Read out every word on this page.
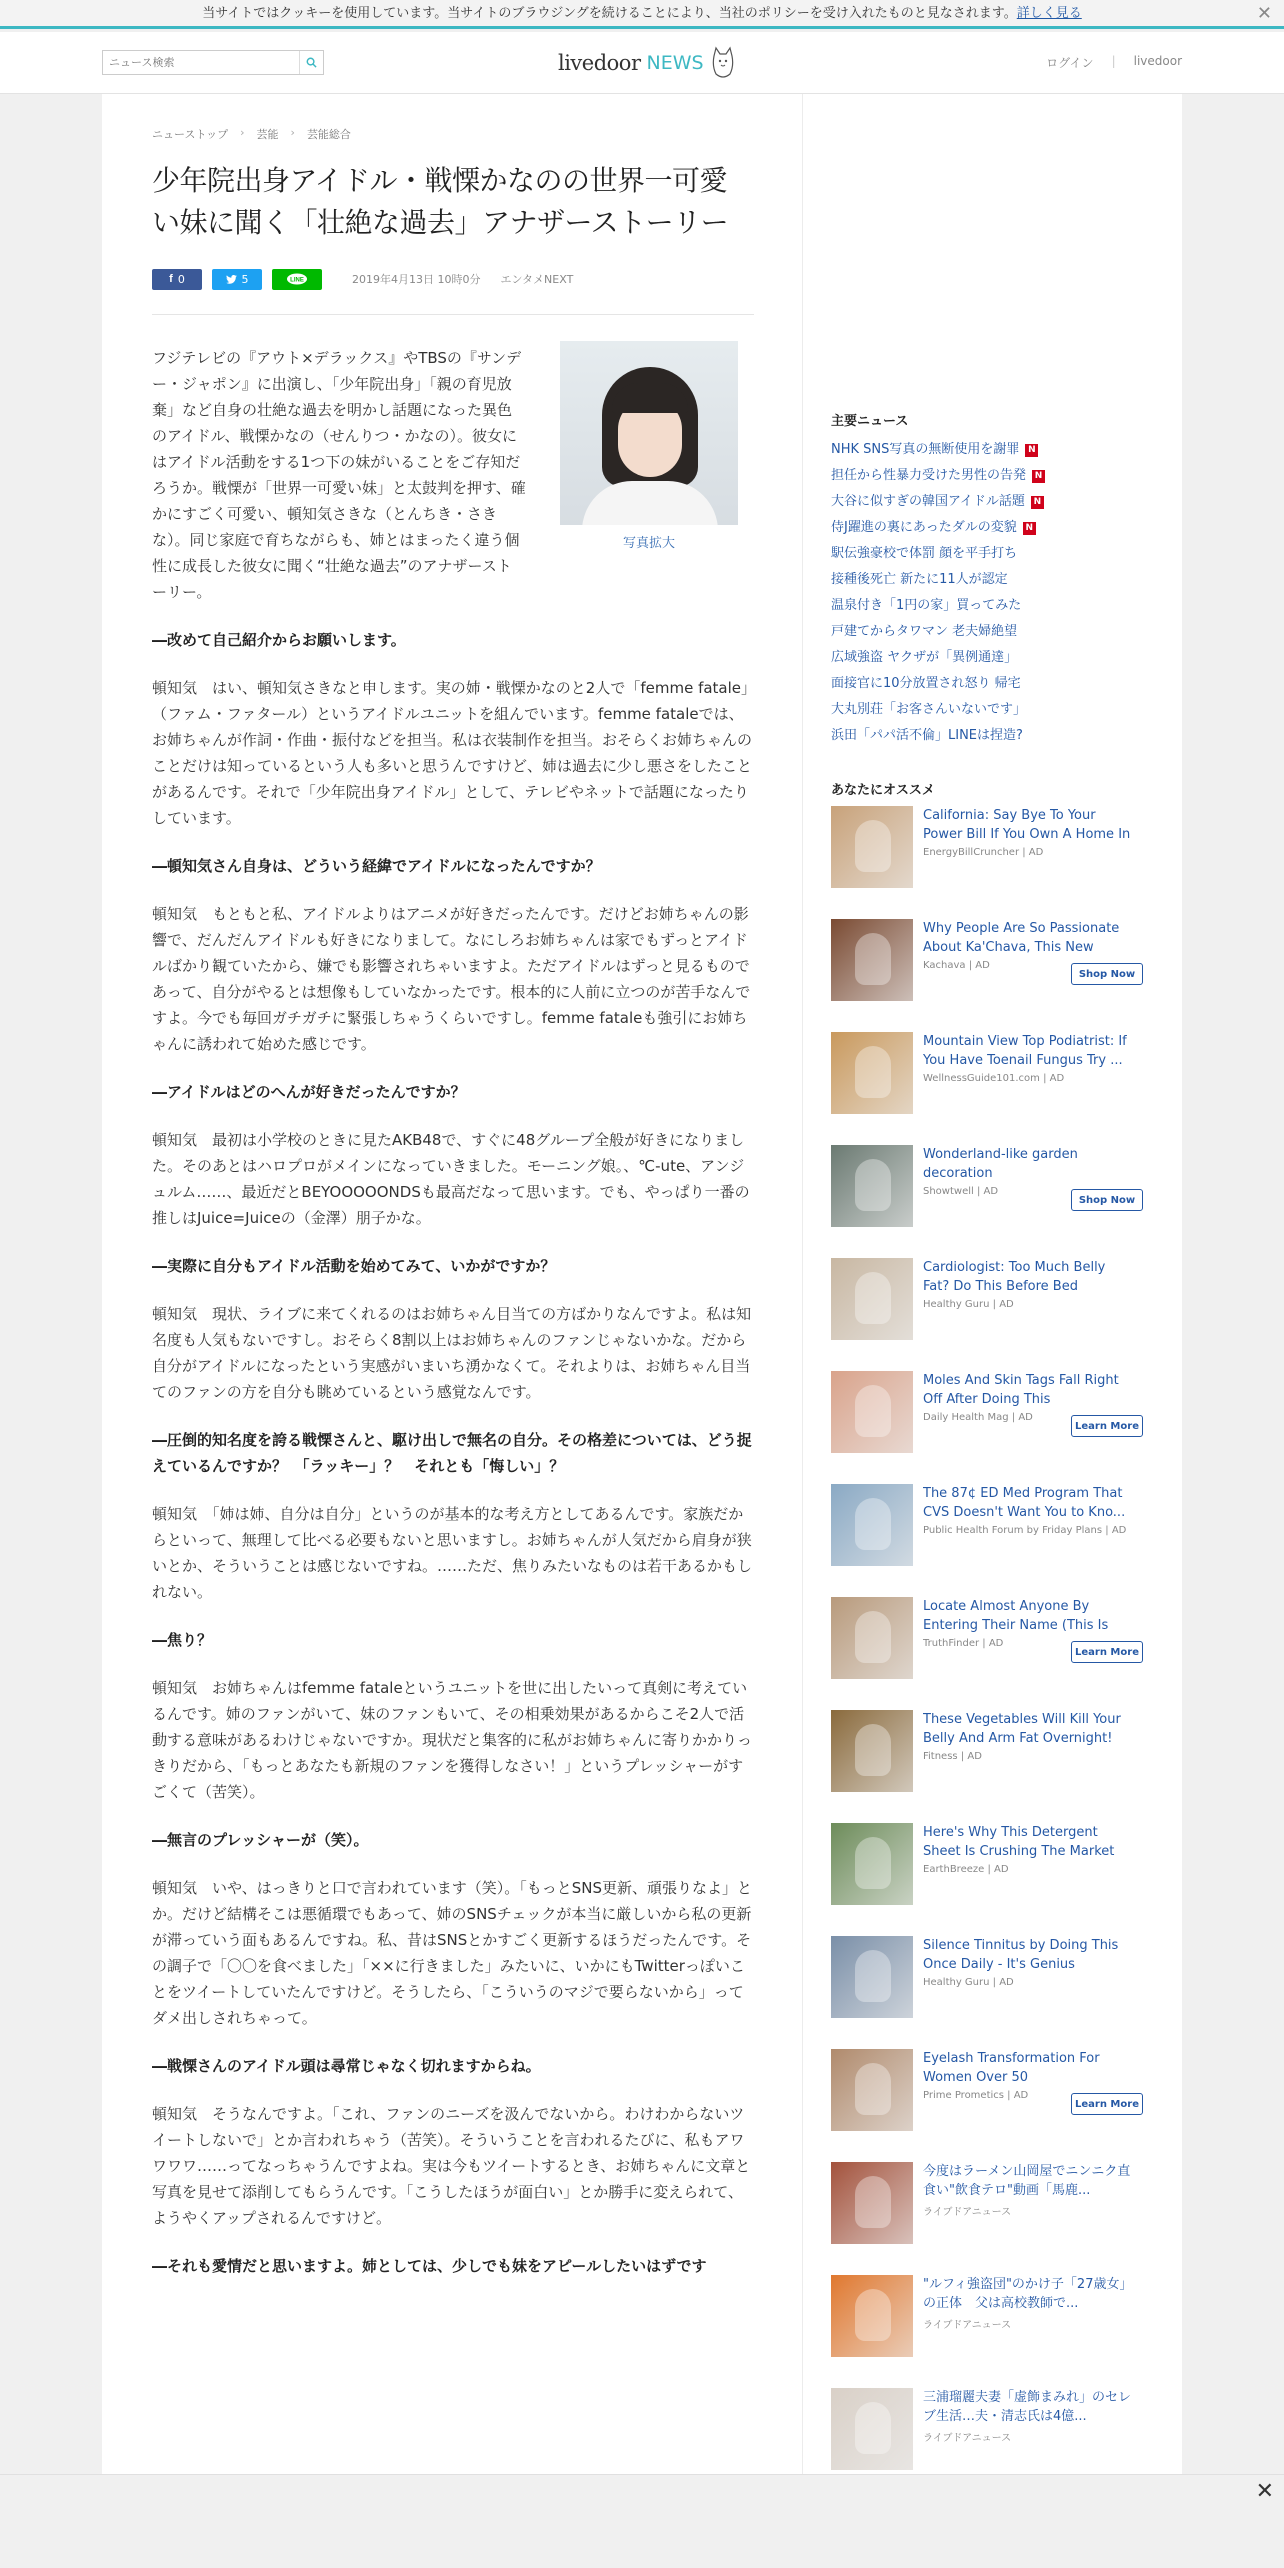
当サイトではクッキーを使用しています。当サイトのブラウジングを続けることにより、当社のポリシーを受け入れたものと見なされます。詳しく見る	✕
ニュース検索
livedoor NEWS	ログイン | livedoor
ニューストップ › 芸能 › 芸能総合
少年院出身アイドル・戦慄かなのの世界一可愛い妹に聞く「壮絶な過去」アナザーストーリー
f 0	5	LINE	2019年4月13日 10時0分 エンタメNEXT
写真拡大

フジテレビの『アウト×デラックス』やTBSの『サンデー・ジャポン』に出演し、「少年院出身」「親の育児放棄」など自身の壮絶な過去を明かし話題になった異色のアイドル、戦慄かなの（せんりつ・かなの）。彼女にはアイドル活動をする1つ下の妹がいることをご存知だろうか。戦慄が「世界一可愛い妹」と太鼓判を押す、確かにすごく可愛い、頓知気さきな（とんちき・さきな）。同じ家庭で育ちながらも、姉とはまったく違う個性に成長した彼女に聞く“壮絶な過去”のアナザーストーリー。

―改めて自己紹介からお願いします。

頓知気　はい、頓知気さきなと申します。実の姉・戦慄かなのと2人で「femme fatale」（ファム・ファタール）というアイドルユニットを組んでいます。femme fataleでは、お姉ちゃんが作詞・作曲・振付などを担当。私は衣装制作を担当。おそらくお姉ちゃんのことだけは知っているという人も多いと思うんですけど、姉は過去に少し悪さをしたことがあるんです。それで「少年院出身アイドル」として、テレビやネットで話題になったりしています。

―頓知気さん自身は、どういう経緯でアイドルになったんですか？

頓知気　もともと私、アイドルよりはアニメが好きだったんです。だけどお姉ちゃんの影響で、だんだんアイドルも好きになりまして。なにしろお姉ちゃんは家でもずっとアイドルばかり観ていたから、嫌でも影響されちゃいますよ。ただアイドルはずっと見るものであって、自分がやるとは想像もしていなかったです。根本的に人前に立つのが苦手なんですよ。今でも毎回ガチガチに緊張しちゃうくらいですし。femme fataleも強引にお姉ちゃんに誘われて始めた感じです。

―アイドルはどのへんが好きだったんですか？

頓知気　最初は小学校のときに見たAKB48で、すぐに48グループ全般が好きになりました。そのあとはハロプロがメインになっていきました。モーニング娘。、℃-ute、アンジュルム……、最近だとBEYOOOOONDSも最高だなって思います。でも、やっぱり一番の推しはJuice=Juiceの（金澤）朋子かな。

―実際に自分もアイドル活動を始めてみて、いかがですか？

頓知気　現状、ライブに来てくれるのはお姉ちゃん目当ての方ばかりなんですよ。私は知名度も人気もないですし。おそらく8割以上はお姉ちゃんのファンじゃないかな。だから自分がアイドルになったという実感がいまいち湧かなくて。それよりは、お姉ちゃん目当てのファンの方を自分も眺めているという感覚なんです。

―圧倒的知名度を誇る戦慄さんと、駆け出しで無名の自分。その格差については、どう捉えているんですか？　「ラッキー」？　それとも「悔しい」？

頓知気　「姉は姉、自分は自分」というのが基本的な考え方としてあるんです。家族だからといって、無理して比べる必要もないと思いますし。お姉ちゃんが人気だから肩身が狭いとか、そういうことは感じないですね。……ただ、焦りみたいなものは若干あるかもしれない。

―焦り？

頓知気　お姉ちゃんはfemme fataleというユニットを世に出したいって真剣に考えているんです。姉のファンがいて、妹のファンもいて、その相乗効果があるからこそ2人で活動する意味があるわけじゃないですか。現状だと集客的に私がお姉ちゃんに寄りかかりっきりだから、「もっとあなたも新規のファンを獲得しなさい！」というプレッシャーがすごくて（苦笑）。

―無言のプレッシャーが（笑）。

頓知気　いや、はっきりと口で言われています（笑）。「もっとSNS更新、頑張りなよ」とか。だけど結構そこは悪循環でもあって、姉のSNSチェックが本当に厳しいから私の更新が滞っていう面もあるんですね。私、昔はSNSとかすごく更新するほうだったんです。その調子で「〇〇を食べました」「××に行きました」みたいに、いかにもTwitterっぽいことをツイートしていたんですけど。そうしたら、「こういうのマジで要らないから」ってダメ出しされちゃって。

―戦慄さんのアイドル頭は尋常じゃなく切れますからね。

頓知気　そうなんですよ。「これ、ファンのニーズを汲んでないから。わけわからないツイートしないで」とか言われちゃう（苦笑）。そういうことを言われるたびに、私もアワワワワ……ってなっちゃうんですよね。実は今もツイートするとき、お姉ちゃんに文章と写真を見せて添削してもらうんです。「こうしたほうが面白い」とか勝手に変えられて、ようやくアップされるんですけど。

―それも愛情だと思いますよ。姉としては、少しでも妹をアピールしたいはずです
主要ニュース
NHK SNS写真の無断使用を謝罪 N
担任から性暴力受けた男性の告発 N
大谷に似すぎの韓国アイドル話題 N
侍J躍進の裏にあったダルの変貌 N
駅伝強豪校で体罰 顔を平手打ち
接種後死亡 新たに11人が認定
温泉付き「1円の家」買ってみた
戸建てからタワマン 老夫婦絶望
広域強盗 ヤクザが「異例通達」
面接官に10分放置され怒り 帰宅
大丸別荘「お客さんいないです」
浜田「パパ活不倫」LINEは捏造?
あなたにオススメ
California: Say Bye To Your Power Bill If You Own A Home In
EnergyBillCruncher | AD
Why People Are So Passionate About Ka'Chava, This New
Kachava | AD
Shop Now
Mountain View Top Podiatrist: If You Have Toenail Fungus Try ...
WellnessGuide101.com | AD
Wonderland-like garden decoration
Showtwell | AD
Shop Now
Cardiologist: Too Much Belly Fat? Do This Before Bed
Healthy Guru | AD
Moles And Skin Tags Fall Right Off After Doing This
Daily Health Mag | AD
Learn More
The 87¢ ED Med Program That CVS Doesn't Want You to Kno...
Public Health Forum by Friday Plans | AD
Locate Almost Anyone By Entering Their Name (This Is
TruthFinder | AD
Learn More
These Vegetables Will Kill Your Belly And Arm Fat Overnight!
Fitness | AD
Here's Why This Detergent Sheet Is Crushing The Market
EarthBreeze | AD
Silence Tinnitus by Doing This Once Daily - It's Genius
Healthy Guru | AD
Eyelash Transformation For Women Over 50
Prime Prometics | AD
Learn More
今度はラーメン山岡屋でニンニク直食い"飲食テロ"動画「馬鹿...
ライブドアニュース
"ルフィ強盗団"のかけ子「27歳女」の正体　父は高校教師で...
ライブドアニュース
三浦瑠麗夫妻「虚飾まみれ」のセレブ生活…夫・清志氏は4億...
ライブドアニュース
✕
